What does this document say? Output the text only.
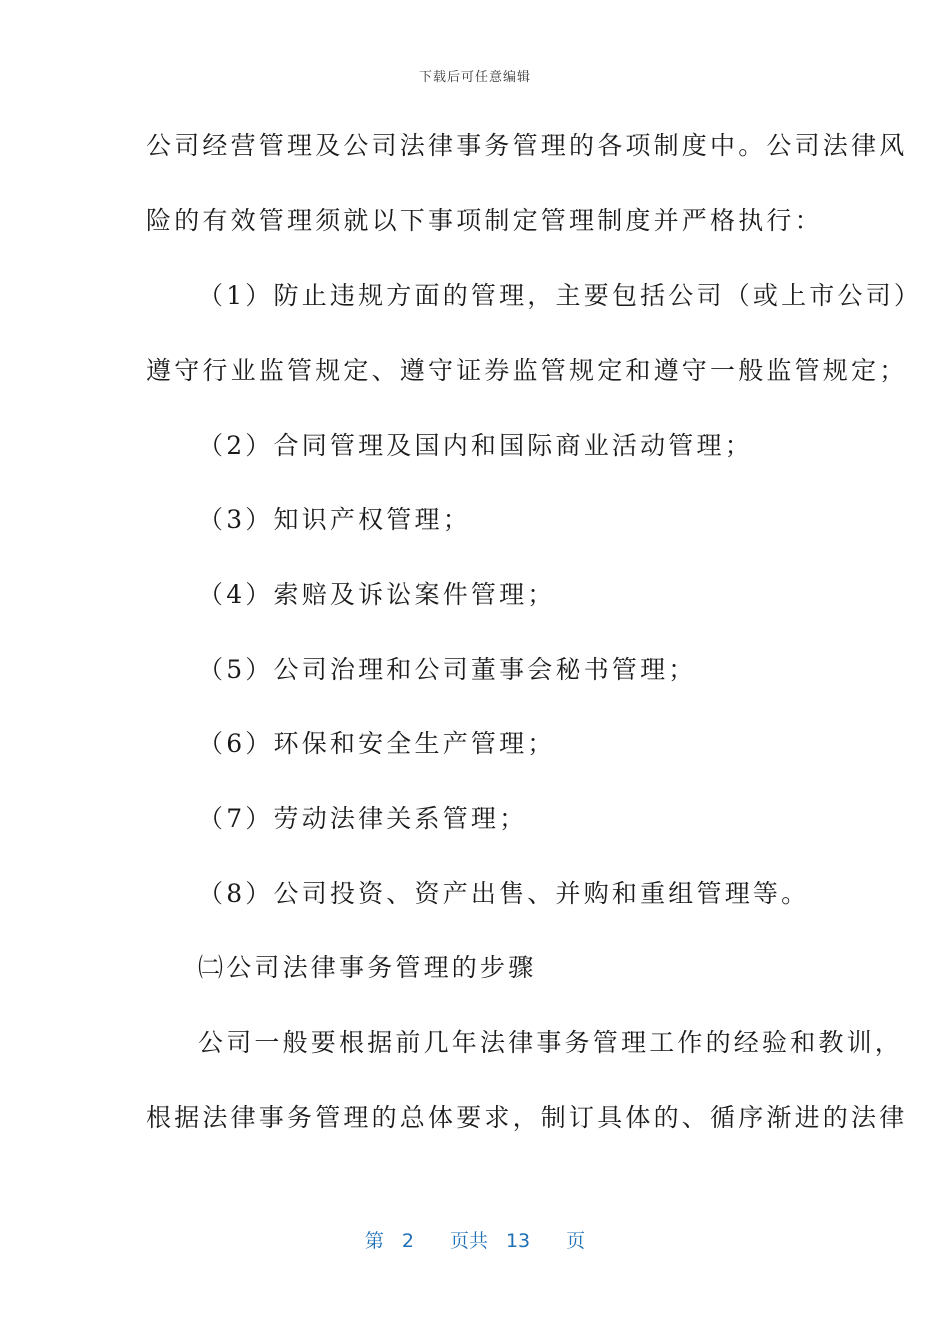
下载后可任意编辑
公司经营管理及公司法律事务管理的各项制度中。公司法律风
险的有效管理须就以下事项制定管理制度并严格执行：
（1）防止违规方面的管理，主要包括公司（或上市公司）
遵守行业监管规定、遵守证券监管规定和遵守一般监管规定；
（2）合同管理及国内和国际商业活动管理；
（3）知识产权管理；
（4）索赔及诉讼案件管理；
（5）公司治理和公司董事会秘书管理；
（6）环保和安全生产管理；
（7）劳动法律关系管理；
（8）公司投资、资产出售、并购和重组管理等。
㈡公司法律事务管理的步骤
公司一般要根据前几年法律事务管理工作的经验和教训，
根据法律事务管理的总体要求，制订具体的、循序渐进的法律
第 2 页共 13 页
